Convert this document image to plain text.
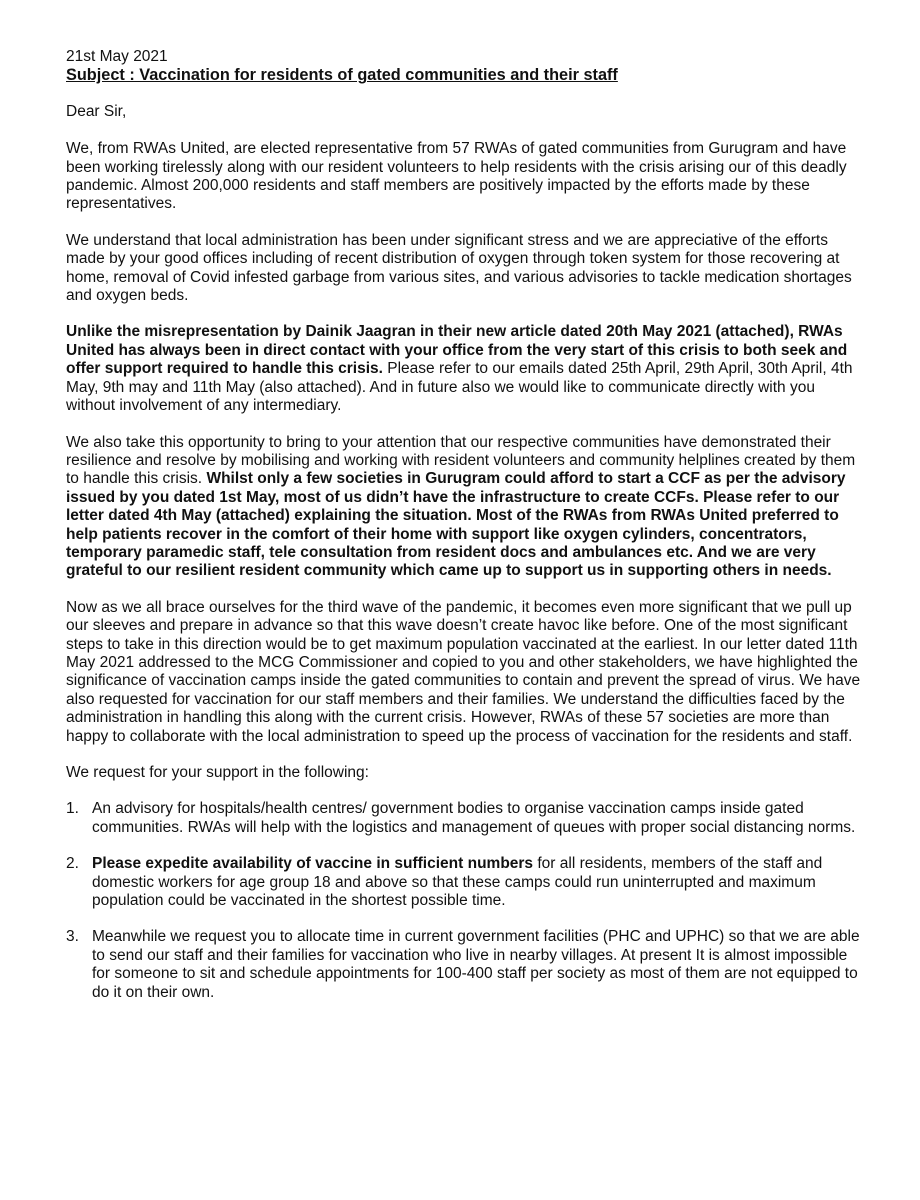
21st May 2021

Subject : Vaccination for residents of gated communities and their staff

Dear Sir,

We, from RWAs United, are elected representative from 57 RWAs of gated communities from Gurugram and have been working tirelessly along with our resident volunteers to help residents with the crisis arising our of this deadly pandemic. Almost 200,000 residents and staff members are positively impacted by the efforts made by these representatives.

We understand that local administration has been under significant stress and we are appreciative of the efforts made by your good offices including of recent distribution of oxygen through token system for those recovering at home, removal of Covid infested garbage from various sites, and various advisories to tackle medication shortages and oxygen beds.

Unlike the misrepresentation by Dainik Jaagran in their new article dated 20th May 2021 (attached), RWAs United has always been in direct contact with your office from the very start of this crisis to both seek and offer support required to handle this crisis. Please refer to our emails dated 25th April, 29th April, 30th April, 4th May, 9th may and 11th May (also attached). And in future also we would like to communicate directly with you without involvement of any intermediary.

We also take this opportunity to bring to your attention that our respective communities have demonstrated their resilience and resolve by mobilising and working with resident volunteers and community helplines created by them to handle this crisis. Whilst only a few societies in Gurugram could afford to start a CCF as per the advisory issued by you dated 1st May, most of us didn’t have the infrastructure to create CCFs. Please refer to our letter dated 4th May (attached) explaining the situation. Most of the RWAs from RWAs United preferred to help patients recover in the comfort of their home with support like oxygen cylinders, concentrators, temporary paramedic staff, tele consultation from resident docs and ambulances etc. And we are very grateful to our resilient resident community which came up to support us in supporting others in needs.

Now as we all brace ourselves for the third wave of the pandemic, it becomes even more significant that we pull up our sleeves and prepare in advance so that this wave doesn’t create havoc like before. One of the most significant steps to take in this direction would be to get maximum population vaccinated at the earliest. In our letter dated 11th May 2021 addressed to the MCG Commissioner and copied to you and other stakeholders, we have highlighted the significance of vaccination camps inside the gated communities to contain and prevent the spread of virus. We have also requested for vaccination for our staff members and their families. We understand the difficulties faced by the administration in handling this along with the current crisis. However, RWAs of these 57 societies are more than happy to collaborate with the local administration to speed up the process of vaccination for the residents and staff.

We request for your support in the following:

1. An advisory for hospitals/health centres/ government bodies to organise vaccination camps inside gated communities. RWAs will help with the logistics and management of queues with proper social distancing norms.
2. Please expedite availability of vaccine in sufficient numbers for all residents, members of the staff and domestic workers for age group 18 and above so that these camps could run uninterrupted and maximum population could be vaccinated in the shortest possible time.
3. Meanwhile we request you to allocate time in current government facilities (PHC and UPHC) so that we are able to send our staff and their families for vaccination who live in nearby villages. At present It is almost impossible for someone to sit and schedule appointments for 100-400 staff per society as most of them are not equipped to do it on their own.
